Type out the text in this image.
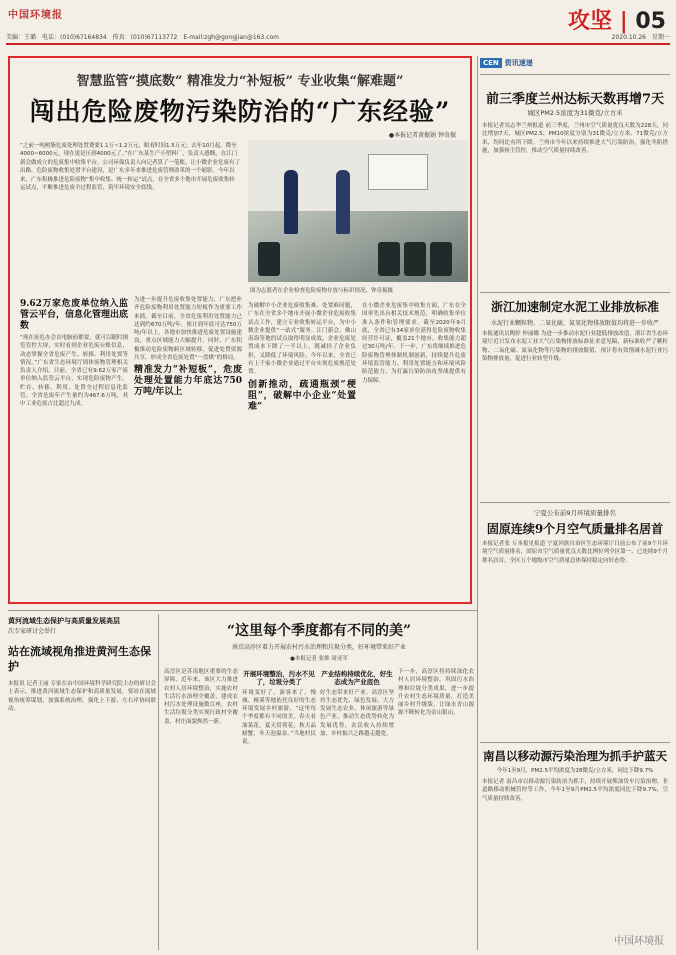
中国环境报	攻坚 | 05
美编：王璐　电话：(010)67164834　传真：(010)67113772　E-mail:zgh@gongjian@163.com	2020.10.26　星期一
智慧监管“摸底数” 精准发力“补短板” 专业收集“解难题”
闯出危险废物污染防治的“广东经验”
●本报记者黄振娟 钟奇振
“之前一吨树脂危废处理处置费要1.1万~1.2万元，眼看时间1.5万元；去年10月起，降至4000~6000元，现在更是压到4000元了。”在广东某生产小塑料厂，负责人感慨，在江门新会做成立的危废集中收集平台，公司环保负责人向记者算了一笔账。让小微企业危废有了出路，危险废物收集处置平台建设，是广东多年来推进危废管理改革的一个缩影。今年以来，广东积极推进危险废物“集中收集、统一转运”试点，在全省多个地市开展危废收集转运试点，不断推进危废全过程监管，筑牢环境安全底线。
图为志愿者在企业检查危险废物存放与标识情况。钟奇振摄
9.62万家危废单位纳入监管云平台，信息化管理出底数
“现在废危办会首电脑前都要，就可以随时浏览管控大屏，实时看到企业危废台账信息，动态掌握全省危废产生、转移、利用处置等情况。”广东省生态环境厅固体废物管理相关负责人介绍。目前，全省已有9.62万家产废单位纳入监管云平台，实现危险废物产生、贮存、转移、利用、处置全过程信息化监管。全省危废年产生量约为467.6万吨，其中工业危废占比超过九成。
为进一步提升危废收集处置能力，广东把补齐危险废物利用处置能力短板作为重要工作来抓。截至目前，全省危废利用处置能力已达到约670万吨/年，预计到年底可达750万吨/年以上。各地市加快推进危废处置设施建设，重点区域能力大幅提升。同时，广东积极推动危险废物跨区域转移，促进处置资源共享，形成全省危废处置“一盘棋”的格局。
精准发力“补短板”，危废处理处置能力年底达750万吨/年以上
为破解中小企业危废收集难、处置难问题，广东在全省多个地市开展小微企业危废收集试点工作，建立专业收集转运平台，为中小微企业提供“一站式”服务。江门新会、佛山南海等地的试点取得明显成效，企业危废处置成本下降了一半以上，既减轻了企业负担，又降低了环境风险。今年以来，全省已有上千家小微企业通过平台实现危废规范处置。
创新推动，疏通瓶颈“梗阻”，破解中小企业“处置难”
在小微企业危废集中收集方面，广东在全国率先出台相关技术规范，明确收集单位准入条件和管理要求。截至2020年9月底，全省已有34家单位获得危险废物收集经营许可证，覆盖21个地市，收集能力超过30万吨/年。下一步，广东将继续推进危险废物管理体制机制创新，持续提升危废环境监管能力、利用处置能力和环境风险防范能力，为打赢污染防治攻坚战提供有力保障。
CEN 资讯速递
前三季度兰州达标天数再增7天
城区PM2.5浓度为31微克/立方米
本报记者吴志华兰州报道 前三季度，兰州市空气质量优良天数为228天，同比增加7天，城区PM2.5、PM10浓度分别为31微克/立方米、71微克/立方米，均同比有所下降。兰州市今年以来持续推进大气污染防治，强化冬防措施，加强扬尘管控，推动空气质量持续改善。
浙江加速制定水泥工业排放标准
水泥行业颗粒物、二氧化硫、氮氧化物排放限值均将进一步收严
本报通讯员陶婷 仲丽娜 为进一步推动水泥行业超低排放改造，浙江省生态环境厅近日发布水泥工业大气污染物排放标准征求意见稿，新标准收严了颗粒物、二氧化硫、氮氧化物等污染物的排放限值，预计将有效削减水泥行业污染物排放量，促进行业转型升级。
宁夏公布前9月环境质量排名
固原连续9个月空气质量排名居首
本报记者张 万本报见报道 宁夏回族自治区生态环境厅日前公布了前9个月环境空气质量排名，固原市空气质量优良天数比例位列全区第一，已连续9个月排名居首。全区五个地级市空气质量总体保持稳定向好态势。
南昌以移动源污染治理为抓手护蓝天
今年1至9月，PM2.5平均浓度为28微克/立方米，同比下降9.7%
本报记者 南昌市以移动源污染防治为抓手，持续开展柴油货车污染治理、非道路移动机械管控等工作，今年1至9月PM2.5平均浓度同比下降9.7%，空气质量持续改善。
黄河流域生态保护与高质量发展高层
次专家研讨会举行
站在流域视角推进黄河生态保护
本报讯 记者王丽 专家在由中国环境科学研究院主办的研讨会上表示，推进黄河流域生态保护和高质量发展，要站在流域视角统筹谋划，加强系统治理，强化上下游、左右岸协同联动。
“这里每个季度都有不同的美”
南京高淳区着力开展农村污水治理和垃圾分类，好环境带来好产业
●本报记者 张维 周亚军
高淳区是苏南地区重要的生态屏障，近年来，该区大力推进农村人居环境整治，实施农村生活污水治理全覆盖，建成农村污水处理设施数百座，农村生活垃圾分类实现行政村全覆盖，村庄面貌焕然一新。
开展环境整治，污水不见了，垃圾分类了
环境变好了，游客来了。慢城、桠溪等地依托良好的生态环境发展乡村旅游，“这里每个季度都有不同的美，春天看油菜花，夏天赏荷花，秋天品螃蟹，冬天泡温泉。”当地村民说。
产业结构持续优化，好生态成为产业底色
好生态带来好产业。高淳区坚持生态优先、绿色发展，大力发展生态农业、休闲旅游等绿色产业，推动生态优势转化为发展优势，农民收入持续增加，乡村振兴之路越走越宽。
下一步，高淳区将持续深化农村人居环境整治，巩固污水治理和垃圾分类成果，进一步提升农村生态环境质量，打造美丽乡村升级版，让绿水青山源源不断转化为金山银山。
中国环境报
